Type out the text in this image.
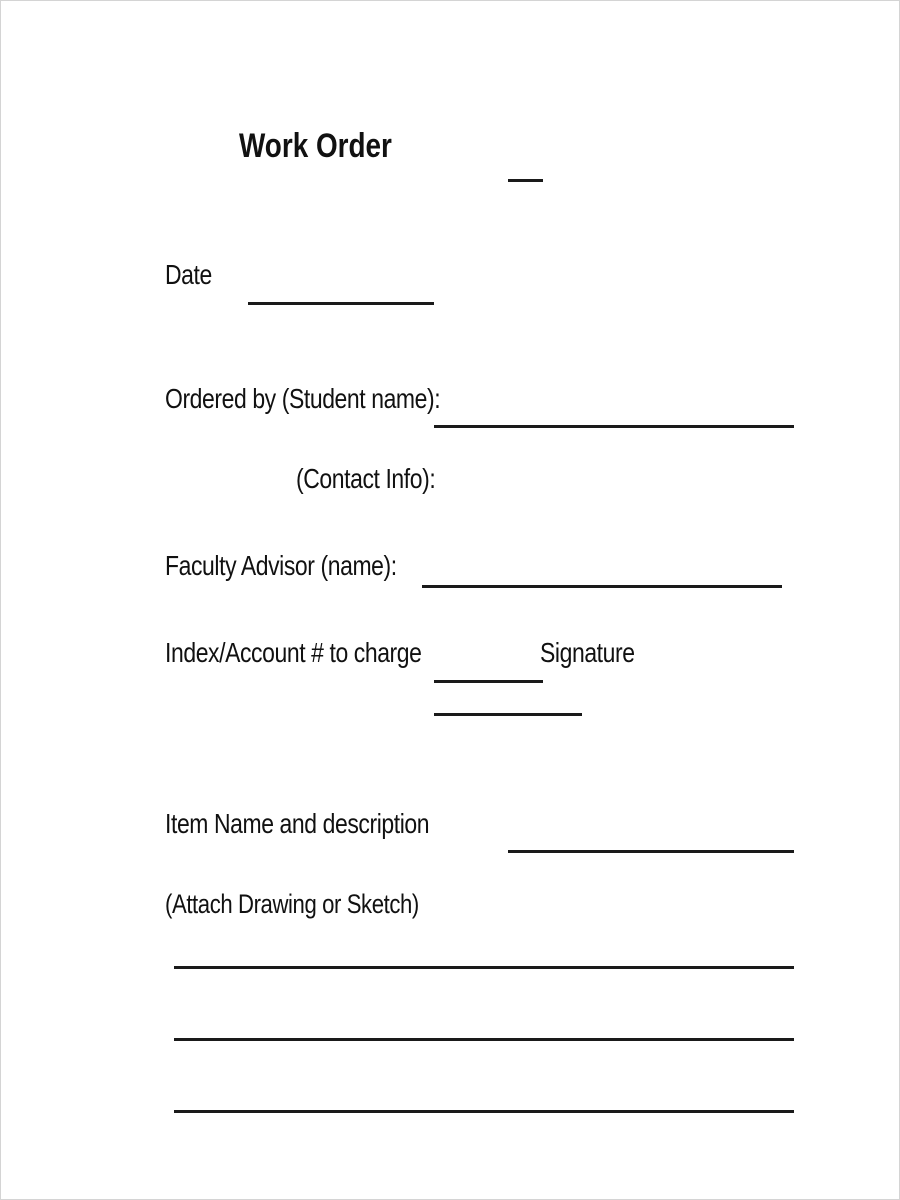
Work Order
Date
Ordered by (Student name):
(Contact Info):
Faculty Advisor (name):
Index/Account # to charge	Signature
Item Name and description
(Attach Drawing or Sketch)
